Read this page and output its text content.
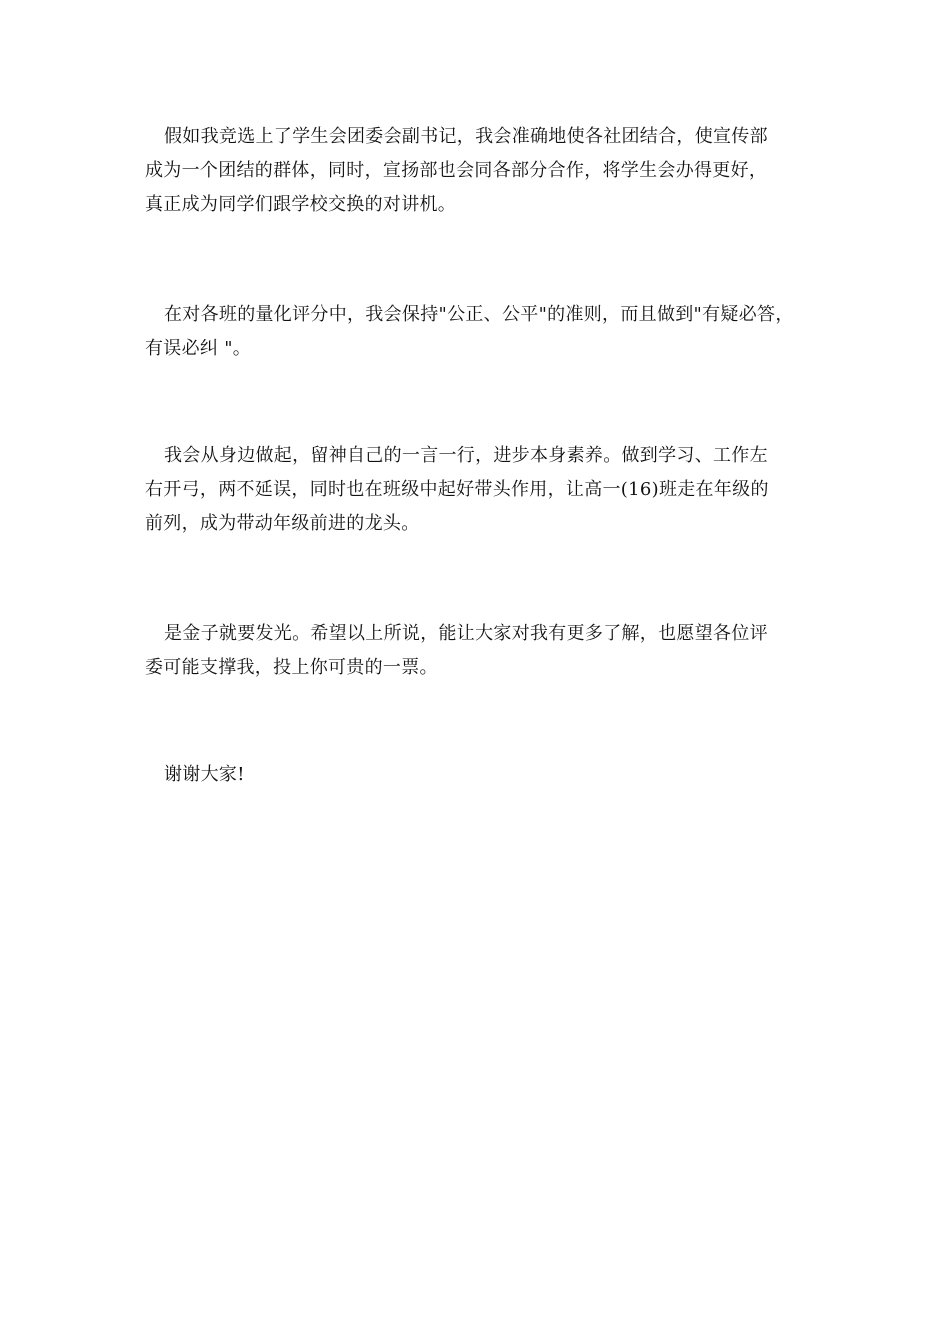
假如我竞选上了学生会团委会副书记，我会准确地使各社团结合，使宣传部
成为一个团结的群体，同时，宣扬部也会同各部分合作，将学生会办得更好，
真正成为同学们跟学校交换的对讲机。

在对各班的量化评分中，我会保持"公正、公平"的准则，而且做到"有疑必答，
有误必纠 "。

我会从身边做起，留神自己的一言一行，进步本身素养。做到学习、工作左
右开弓，两不延误，同时也在班级中起好带头作用，让高一(16)班走在年级的
前列，成为带动年级前进的龙头。

是金子就要发光。希望以上所说，能让大家对我有更多了解，也愿望各位评
委可能支撑我，投上你可贵的一票。

谢谢大家!
